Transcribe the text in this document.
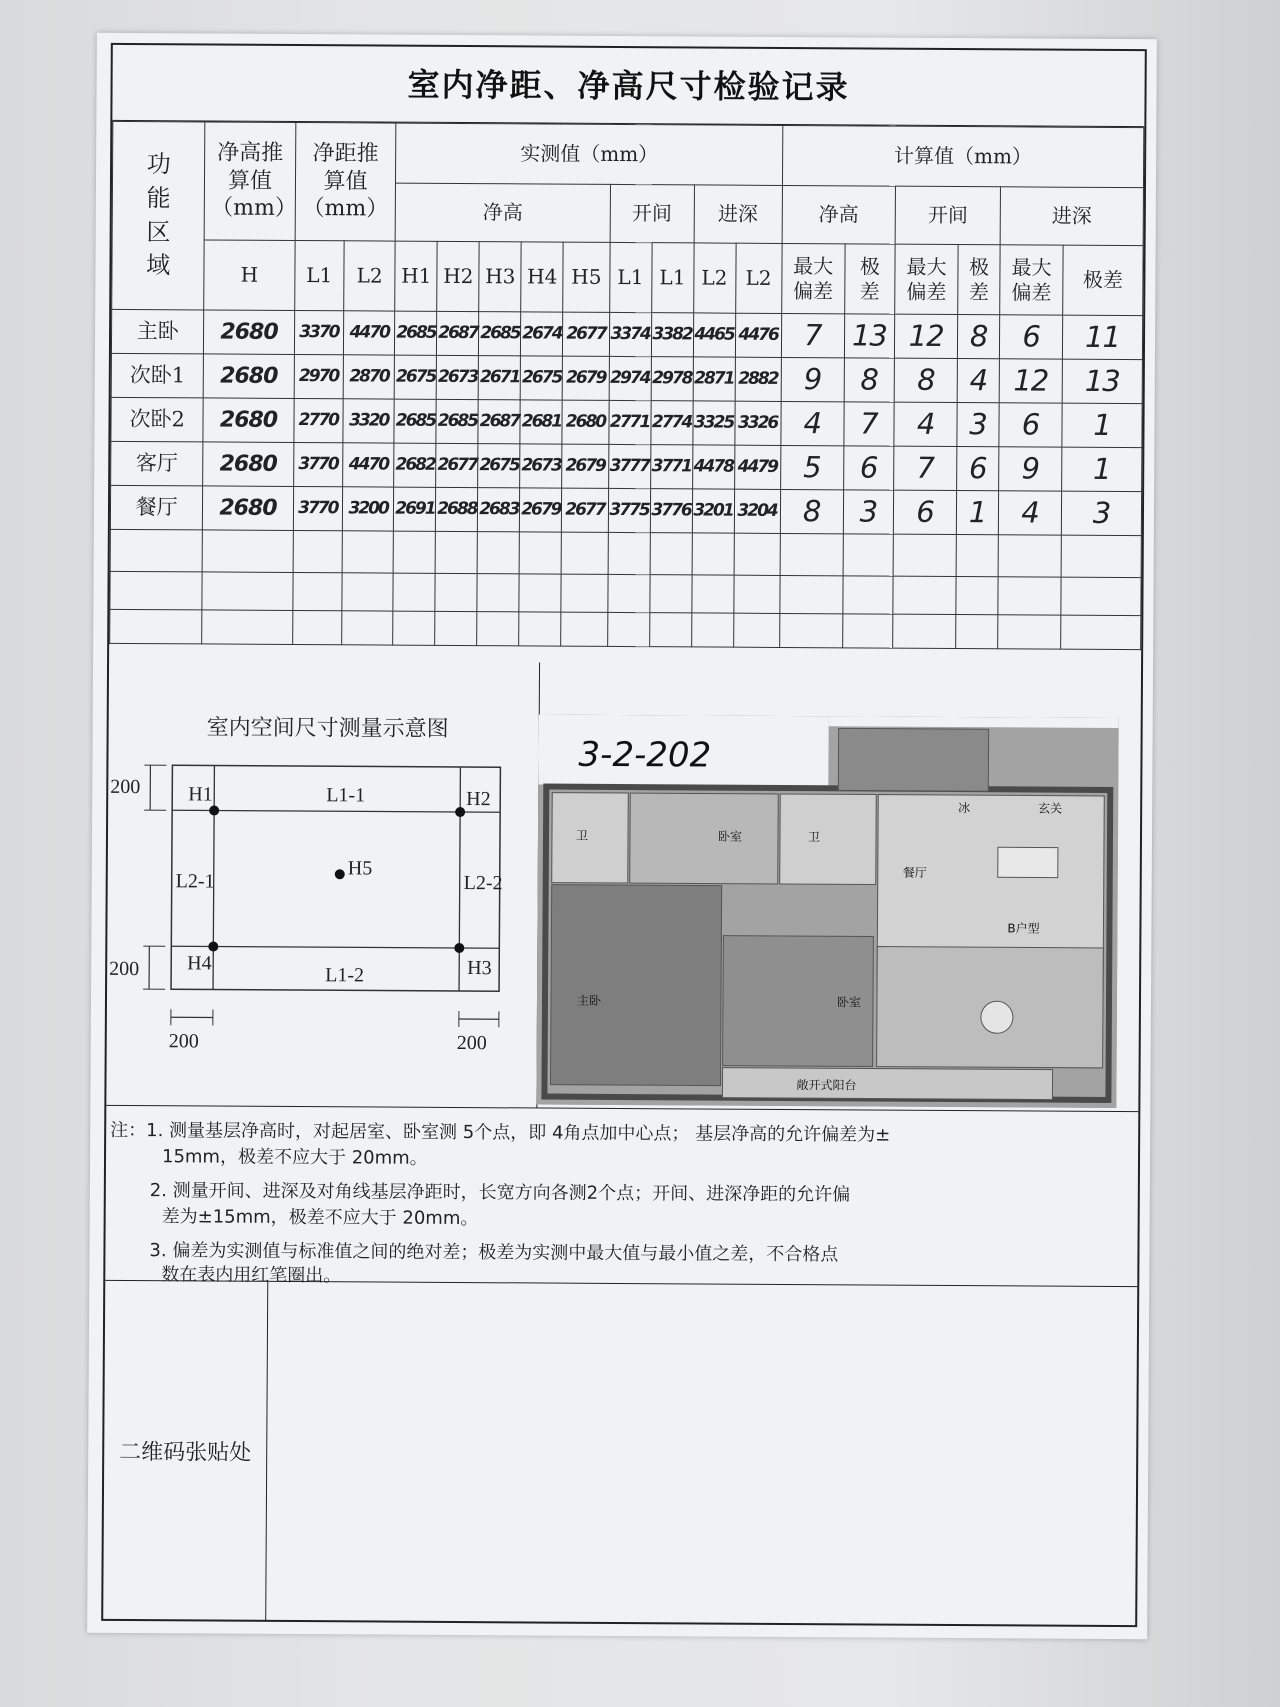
室内净距、净高尺寸检验记录
功
能
区
域	净高推算值（mm）	净距推算值（mm）		实测值（mm）									计算值（mm）					
				净高					开间		进深		净高		开间		进深	
	H	L1	L2	H1	H2	H3	H4	H5	L1	L1	L2	L2	最大偏差	极差	最大偏差	极差	最大偏差	极差
主卧	2680	3370	4470	2685	2687	2685	2674	2677	3374	3382	4465	4476	7	13	12	8	6	11
次卧1	2680	2970	2870	2675	2673	2671	2675	2679	2974	2978	2871	2882	9	8	8	4	12	13
次卧2	2680	2770	3320	2685	2685	2687	2681	2680	2771	2774	3325	3326	4	7	4	3	6	1
客厅	2680	3770	4470	2682	2677	2675	2673	2679	3777	3771	4478	4479	5	6	7	6	9	1
餐厅	2680	3770	3200	2691	2688	2683	2679	2677	3775	3776	3201	3204	8	3	6	1	4	3

室内空间尺寸测量示意图
H1	H2
H3
H4
H5
L1-1
L1-2
L2-1	L2-2
200
200
200	200
卫	卧室	卫
餐厅
冰	玄关
B户型
主卧	卧室
敞开式阳台
3-2-202

注：1. 测量基层净高时，对起居室、卧室测 5个点，即 4角点加中心点； 基层净高的允许偏差为±

15mm，极差不应大于 20mm。

2. 测量开间、进深及对角线基层净距时，长宽方向各测2个点；开间、进深净距的允许偏

差为±15mm，极差不应大于 20mm。

3. 偏差为实测值与标准值之间的绝对差；极差为实测中最大值与最小值之差，不合格点

数在表内用红笔圈出。

二维码张贴处
